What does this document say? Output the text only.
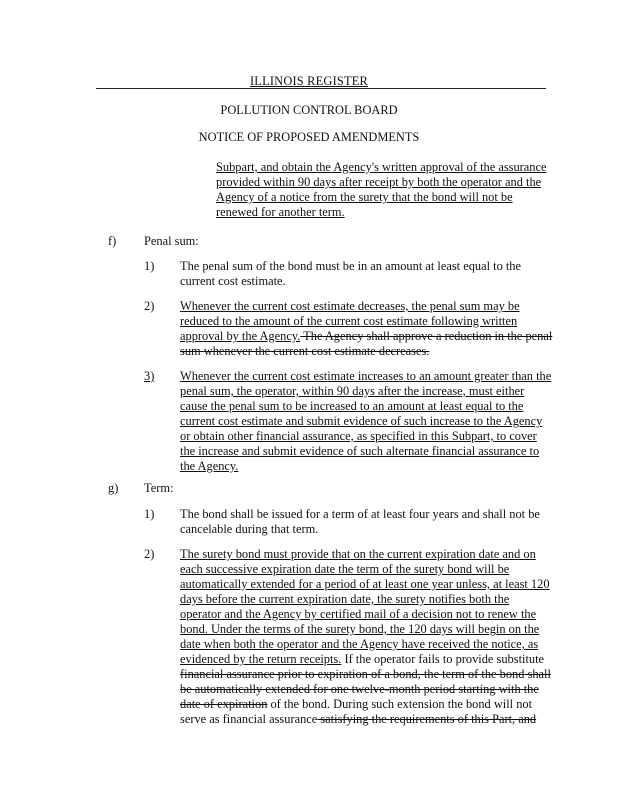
ILLINOIS REGISTER
POLLUTION CONTROL BOARD
NOTICE OF PROPOSED AMENDMENTS

Subpart, and obtain the Agency's written approval of the assurance

provided within 90 days after receipt by both the operator and the

Agency of a notice from the surety that the bond will not be

renewed for another term.

f) Penal sum:
1) The penal sum of the bond must be in an amount at least equal to the

current cost estimate.

2) Whenever the current cost estimate decreases, the penal sum may be

reduced to the amount of the current cost estimate following written

approval by the Agency. The Agency shall approve a reduction in the penal

sum whenever the current cost estimate decreases.

3) Whenever the current cost estimate increases to an amount greater than the

penal sum, the operator, within 90 days after the increase, must either

cause the penal sum to be increased to an amount at least equal to the

current cost estimate and submit evidence of such increase to the Agency

or obtain other financial assurance, as specified in this Subpart, to cover

the increase and submit evidence of such alternate financial assurance to

the Agency.

g) Term:
1) The bond shall be issued for a term of at least four years and shall not be

cancelable during that term.

2) The surety bond must provide that on the current expiration date and on

each successive expiration date the term of the surety bond will be

automatically extended for a period of at least one year unless, at least 120

days before the current expiration date, the surety notifies both the

operator and the Agency by certified mail of a decision not to renew the

bond. Under the terms of the surety bond, the 120 days will begin on the

date when both the operator and the Agency have received the notice, as

evidenced by the return receipts. If the operator fails to provide substitute

financial assurance prior to expiration of a bond, the term of the bond shall

be automatically extended for one twelve-month period starting with the

date of expiration of the bond. During such extension the bond will not

serve as financial assurance satisfying the requirements of this Part, and
